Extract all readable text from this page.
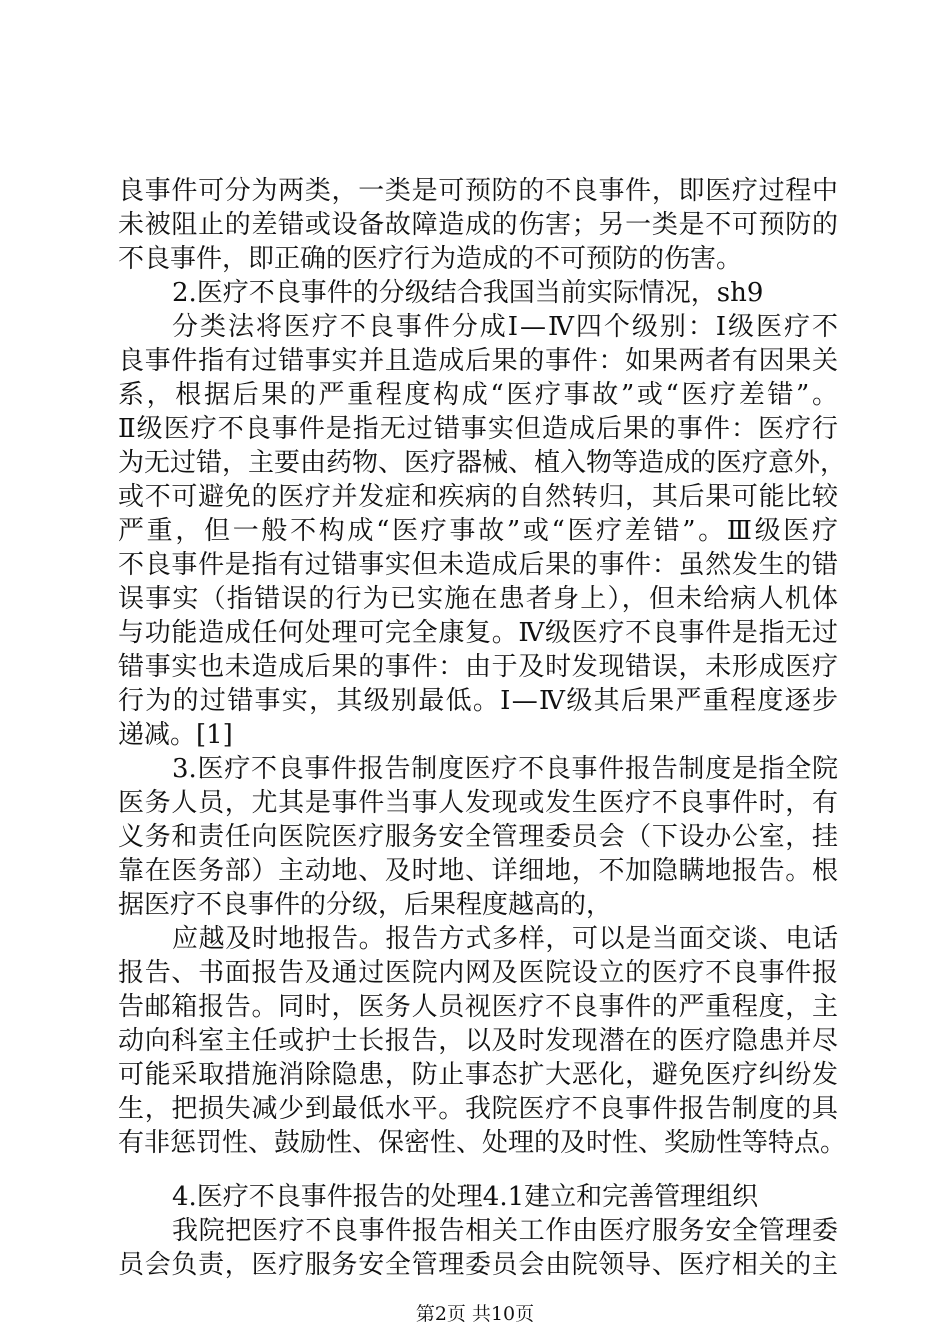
良事件可分为两类，一类是可预防的不良事件，即医疗过程中
未被阻止的差错或设备故障造成的伤害；另一类是不可预防的
不良事件，即正确的医疗行为造成的不可预防的伤害。
2.医疗不良事件的分级结合我国当前实际情况，sh9
分类法将医疗不良事件分成Ⅰ—Ⅳ四个级别：Ⅰ级医疗不
良事件指有过错事实并且造成后果的事件：如果两者有因果关
系，根据后果的严重程度构成“医疗事故”或“医疗差错”。
Ⅱ级医疗不良事件是指无过错事实但造成后果的事件：医疗行
为无过错，主要由药物、医疗器械、植入物等造成的医疗意外，
或不可避免的医疗并发症和疾病的自然转归，其后果可能比较
严重，但一般不构成“医疗事故”或“医疗差错”。Ⅲ级医疗
不良事件是指有过错事实但未造成后果的事件：虽然发生的错
误事实（指错误的行为已实施在患者身上），但未给病人机体
与功能造成任何处理可完全康复。Ⅳ级医疗不良事件是指无过
错事实也未造成后果的事件：由于及时发现错误，未形成医疗
行为的过错事实，其级别最低。Ⅰ—Ⅳ级其后果严重程度逐步
递减。[1]
3.医疗不良事件报告制度医疗不良事件报告制度是指全院
医务人员，尤其是事件当事人发现或发生医疗不良事件时，有
义务和责任向医院医疗服务安全管理委员会（下设办公室，挂
靠在医务部）主动地、及时地、详细地，不加隐瞒地报告。根
据医疗不良事件的分级，后果程度越高的，
应越及时地报告。报告方式多样，可以是当面交谈、电话
报告、书面报告及通过医院内网及医院设立的医疗不良事件报
告邮箱报告。同时，医务人员视医疗不良事件的严重程度，主
动向科室主任或护士长报告，以及时发现潜在的医疗隐患并尽
可能采取措施消除隐患，防止事态扩大恶化，避免医疗纠纷发
生，把损失减少到最低水平。我院医疗不良事件报告制度的具
有非惩罚性、鼓励性、保密性、处理的及时性、奖励性等特点。
4.医疗不良事件报告的处理4.1建立和完善管理组织
我院把医疗不良事件报告相关工作由医疗服务安全管理委
员会负责，医疗服务安全管理委员会由院领导、医疗相关的主
第2页 共10页
